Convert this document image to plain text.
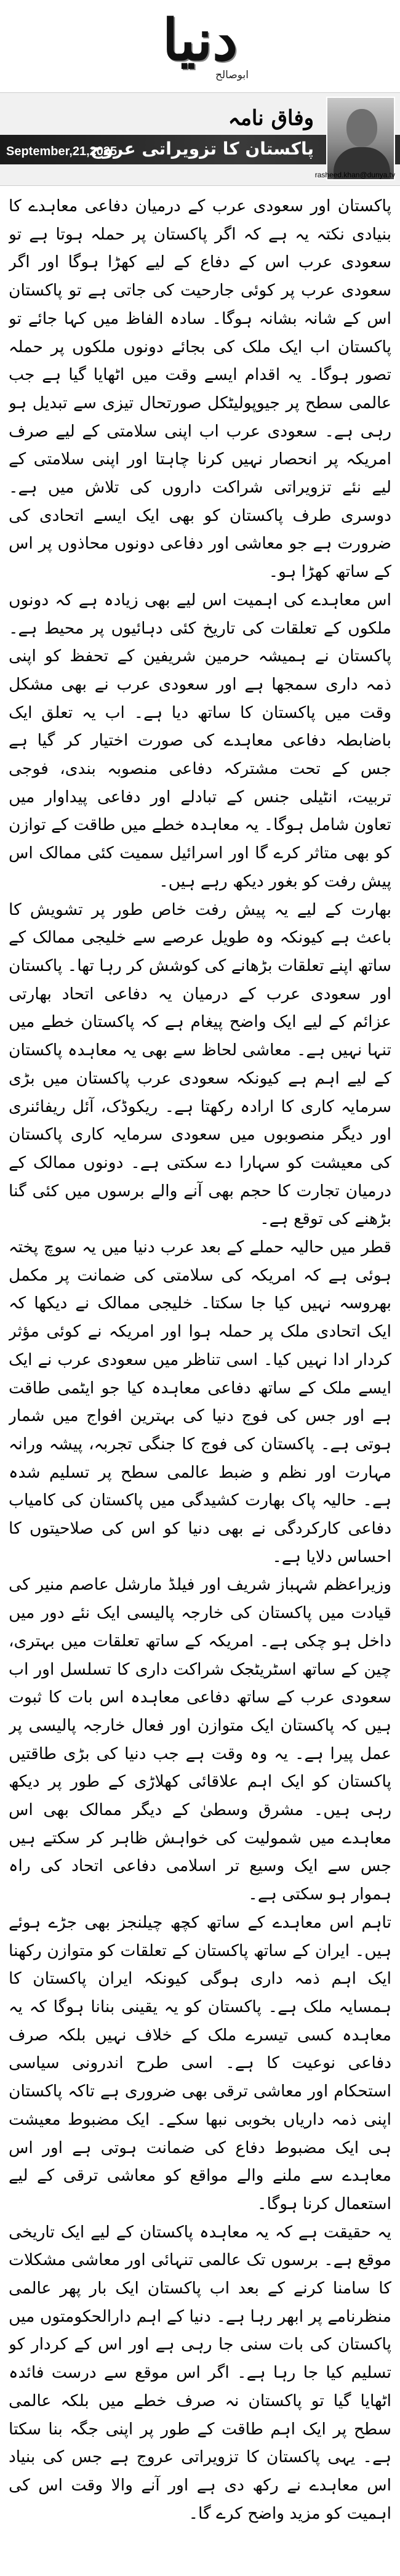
دنیا
ابوصالح
وفاق نامہ
پاکستان کا تزویراتی عروج
September,21,2025
rasheed.khan@dunya.tv

پاکستان اور سعودی عرب کے درمیان دفاعی معاہدے کا بنیادی نکتہ یہ ہے کہ اگر پاکستان پر حملہ ہوتا ہے تو سعودی عرب اس کے دفاع کے لیے کھڑا ہوگا اور اگر سعودی عرب پر کوئی جارحیت کی جاتی ہے تو پاکستان اس کے شانہ بشانہ ہوگا۔ سادہ الفاظ میں کہا جائے تو پاکستان اب ایک ملک کی بجائے دونوں ملکوں پر حملہ تصور ہوگا۔ یہ اقدام ایسے وقت میں اٹھایا گیا ہے جب عالمی سطح پر جیوپولیٹکل صورتحال تیزی سے تبدیل ہو رہی ہے۔ سعودی عرب اب اپنی سلامتی کے لیے صرف امریکہ پر انحصار نہیں کرنا چاہتا اور اپنی سلامتی کے لیے نئے تزویراتی شراکت داروں کی تلاش میں ہے۔ دوسری طرف پاکستان کو بھی ایک ایسے اتحادی کی ضرورت ہے جو معاشی اور دفاعی دونوں محاذوں پر اس کے ساتھ کھڑا ہو۔

اس معاہدے کی اہمیت اس لیے بھی زیادہ ہے کہ دونوں ملکوں کے تعلقات کی تاریخ کئی دہائیوں پر محیط ہے۔ پاکستان نے ہمیشہ حرمین شریفین کے تحفظ کو اپنی ذمہ داری سمجھا ہے اور سعودی عرب نے بھی مشکل وقت میں پاکستان کا ساتھ دیا ہے۔ اب یہ تعلق ایک باضابطہ دفاعی معاہدے کی صورت اختیار کر گیا ہے جس کے تحت مشترکہ دفاعی منصوبہ بندی، فوجی تربیت، انٹیلی جنس کے تبادلے اور دفاعی پیداوار میں تعاون شامل ہوگا۔ یہ معاہدہ خطے میں طاقت کے توازن کو بھی متاثر کرے گا اور اسرائیل سمیت کئی ممالک اس پیش رفت کو بغور دیکھ رہے ہیں۔

بھارت کے لیے یہ پیش رفت خاص طور پر تشویش کا باعث ہے کیونکہ وہ طویل عرصے سے خلیجی ممالک کے ساتھ اپنے تعلقات بڑھانے کی کوشش کر رہا تھا۔ پاکستان اور سعودی عرب کے درمیان یہ دفاعی اتحاد بھارتی عزائم کے لیے ایک واضح پیغام ہے کہ پاکستان خطے میں تنہا نہیں ہے۔ معاشی لحاظ سے بھی یہ معاہدہ پاکستان کے لیے اہم ہے کیونکہ سعودی عرب پاکستان میں بڑی سرمایہ کاری کا ارادہ رکھتا ہے۔ ریکوڈک، آئل ریفائنری اور دیگر منصوبوں میں سعودی سرمایہ کاری پاکستان کی معیشت کو سہارا دے سکتی ہے۔ دونوں ممالک کے درمیان تجارت کا حجم بھی آنے والے برسوں میں کئی گنا بڑھنے کی توقع ہے۔

قطر میں حالیہ حملے کے بعد عرب دنیا میں یہ سوچ پختہ ہوئی ہے کہ امریکہ کی سلامتی کی ضمانت پر مکمل بھروسہ نہیں کیا جا سکتا۔ خلیجی ممالک نے دیکھا کہ ایک اتحادی ملک پر حملہ ہوا اور امریکہ نے کوئی مؤثر کردار ادا نہیں کیا۔ اسی تناظر میں سعودی عرب نے ایک ایسے ملک کے ساتھ دفاعی معاہدہ کیا جو ایٹمی طاقت ہے اور جس کی فوج دنیا کی بہترین افواج میں شمار ہوتی ہے۔ پاکستان کی فوج کا جنگی تجربہ، پیشہ ورانہ مہارت اور نظم و ضبط عالمی سطح پر تسلیم شدہ ہے۔ حالیہ پاک بھارت کشیدگی میں پاکستان کی کامیاب دفاعی کارکردگی نے بھی دنیا کو اس کی صلاحیتوں کا احساس دلایا ہے۔

وزیراعظم شہباز شریف اور فیلڈ مارشل عاصم منیر کی قیادت میں پاکستان کی خارجہ پالیسی ایک نئے دور میں داخل ہو چکی ہے۔ امریکہ کے ساتھ تعلقات میں بہتری، چین کے ساتھ اسٹریٹجک شراکت داری کا تسلسل اور اب سعودی عرب کے ساتھ دفاعی معاہدہ اس بات کا ثبوت ہیں کہ پاکستان ایک متوازن اور فعال خارجہ پالیسی پر عمل پیرا ہے۔ یہ وہ وقت ہے جب دنیا کی بڑی طاقتیں پاکستان کو ایک اہم علاقائی کھلاڑی کے طور پر دیکھ رہی ہیں۔ مشرق وسطیٰ کے دیگر ممالک بھی اس معاہدے میں شمولیت کی خواہش ظاہر کر سکتے ہیں جس سے ایک وسیع تر اسلامی دفاعی اتحاد کی راہ ہموار ہو سکتی ہے۔

تاہم اس معاہدے کے ساتھ کچھ چیلنجز بھی جڑے ہوئے ہیں۔ ایران کے ساتھ پاکستان کے تعلقات کو متوازن رکھنا ایک اہم ذمہ داری ہوگی کیونکہ ایران پاکستان کا ہمسایہ ملک ہے۔ پاکستان کو یہ یقینی بنانا ہوگا کہ یہ معاہدہ کسی تیسرے ملک کے خلاف نہیں بلکہ صرف دفاعی نوعیت کا ہے۔ اسی طرح اندرونی سیاسی استحکام اور معاشی ترقی بھی ضروری ہے تاکہ پاکستان اپنی ذمہ داریاں بخوبی نبھا سکے۔ ایک مضبوط معیشت ہی ایک مضبوط دفاع کی ضمانت ہوتی ہے اور اس معاہدے سے ملنے والے مواقع کو معاشی ترقی کے لیے استعمال کرنا ہوگا۔

یہ حقیقت ہے کہ یہ معاہدہ پاکستان کے لیے ایک تاریخی موقع ہے۔ برسوں تک عالمی تنہائی اور معاشی مشکلات کا سامنا کرنے کے بعد اب پاکستان ایک بار پھر عالمی منظرنامے پر ابھر رہا ہے۔ دنیا کے اہم دارالحکومتوں میں پاکستان کی بات سنی جا رہی ہے اور اس کے کردار کو تسلیم کیا جا رہا ہے۔ اگر اس موقع سے درست فائدہ اٹھایا گیا تو پاکستان نہ صرف خطے میں بلکہ عالمی سطح پر ایک اہم طاقت کے طور پر اپنی جگہ بنا سکتا ہے۔ یہی پاکستان کا تزویراتی عروج ہے جس کی بنیاد اس معاہدے نے رکھ دی ہے اور آنے والا وقت اس کی اہمیت کو مزید واضح کرے گا۔
